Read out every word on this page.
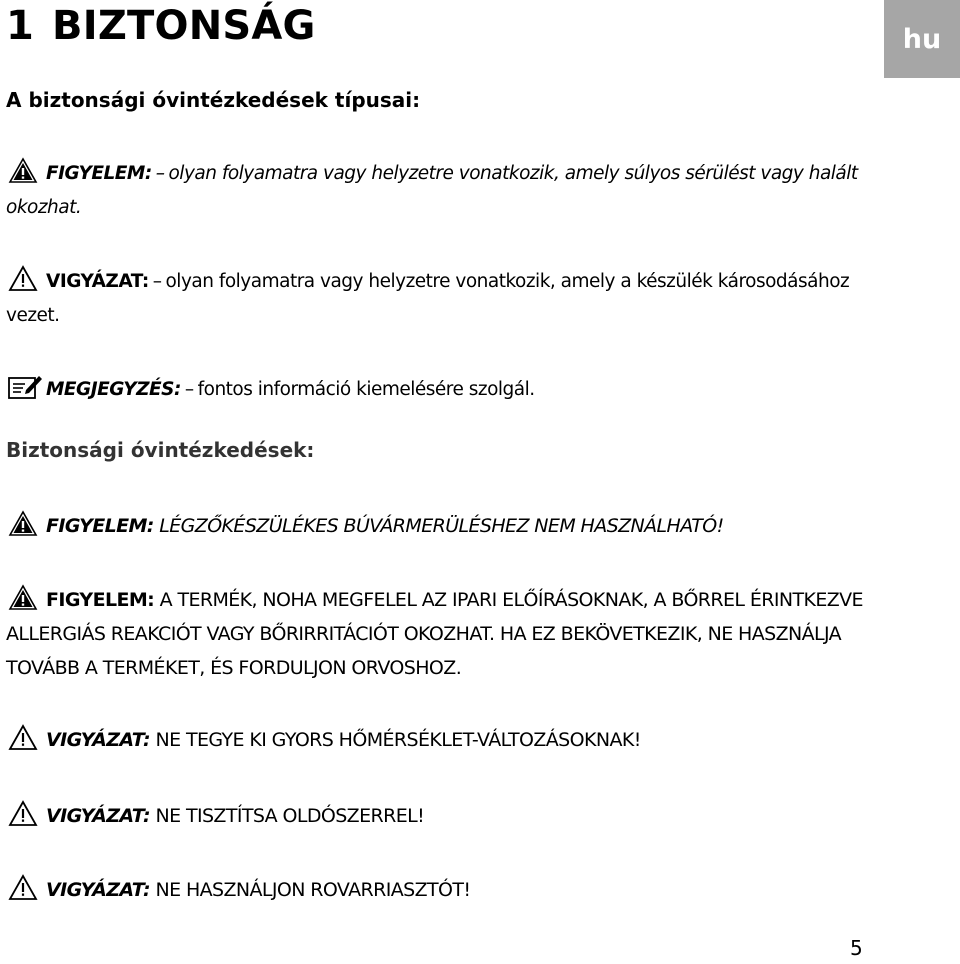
1 BIZTONSÁG	hu
A biztonsági óvintézkedések típusai:

FIGYELEM: – olyan folyamatra vagy helyzetre vonatkozik, amely súlyos sérülést vagy halált okozhat.

VIGYÁZAT: – olyan folyamatra vagy helyzetre vonatkozik, amely a készülék károsodásához vezet.

MEGJEGYZÉS: – fontos információ kiemelésére szolgál.

Biztonsági óvintézkedések:

FIGYELEM: LÉGZŐKÉSZÜLÉKES BÚVÁRMERÜLÉSHEZ NEM HASZNÁLHATÓ!

FIGYELEM: A TERMÉK, NOHA MEGFELEL AZ IPARI ELŐÍRÁSOKNAK, A BŐRREL ÉRINTKEZVE ALLERGIÁS REAKCIÓT VAGY BŐRIRRITÁCIÓT OKOZHAT. HA EZ BEKÖVETKEZIK, NE HASZNÁLJA TOVÁBB A TERMÉKET, ÉS FORDULJON ORVOSHOZ.

VIGYÁZAT: NE TEGYE KI GYORS HŐMÉRSÉKLET-VÁLTOZÁSOKNAK!

VIGYÁZAT: NE TISZTÍTSA OLDÓSZERREL!

VIGYÁZAT: NE HASZNÁLJON ROVARRIASZTÓT!

5
